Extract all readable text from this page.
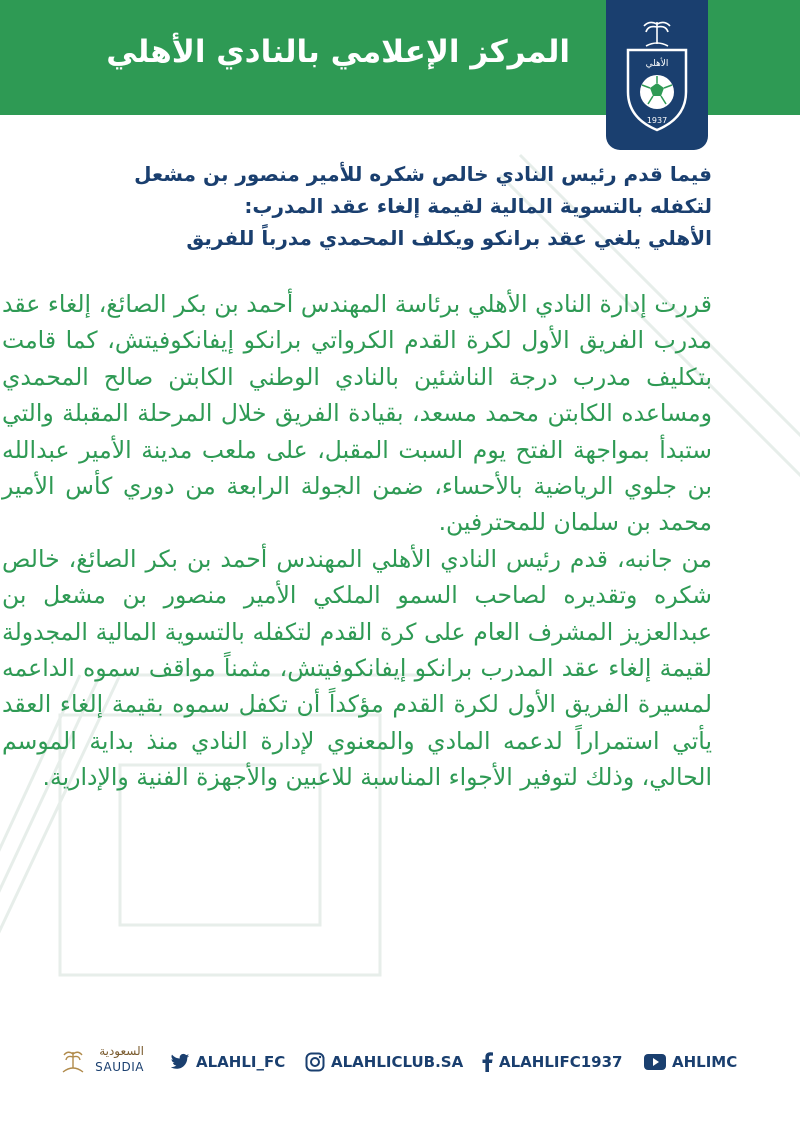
المركز الإعلامي بالنادي الأهلي	الأهلي
1937
فيما قدم رئيس النادي خالص شكره للأمير منصور بن مشعل
لتكفله بالتسوية المالية لقيمة إلغاء عقد المدرب:
الأهلي يلغي عقد برانكو ويكلف المحمدي مدرباً للفريق

قررت إدارة النادي الأهلي برئاسة المهندس أحمد بن بكر الصائغ، إلغاء عقد مدرب الفريق الأول لكرة القدم الكرواتي برانكو إيفانكوفيتش، كما قامت بتكليف مدرب درجة الناشئين بالنادي الوطني الكابتن صالح المحمدي ومساعده الكابتن محمد مسعد، بقيادة الفريق خلال المرحلة المقبلة والتي ستبدأ بمواجهة الفتح يوم السبت المقبل، على ملعب مدينة الأمير عبدالله بن جلوي الرياضية بالأحساء، ضمن الجولة الرابعة من دوري كأس الأمير محمد بن سلمان للمحترفين.

من جانبه، قدم رئيس النادي الأهلي المهندس أحمد بن بكر الصائغ، خالص شكره وتقديره لصاحب السمو الملكي الأمير منصور بن مشعل بن عبدالعزيز المشرف العام على كرة القدم لتكفله بالتسوية المالية المجدولة لقيمة إلغاء عقد المدرب برانكو إيفانكوفيتش، مثمناً مواقف سموه الداعمه لمسيرة الفريق الأول لكرة القدم مؤكداً أن تكفل سموه بقيمة إلغاء العقد يأتي استمراراً لدعمه المادي والمعنوي لإدارة النادي منذ بداية الموسم الحالي، وذلك لتوفير الأجواء المناسبة للاعبين والأجهزة الفنية والإدارية.

السعودية
SAUDIA	ALAHLI_FC	ALAHLICLUB.SA ALAHLIFC1937	AHLIMC
